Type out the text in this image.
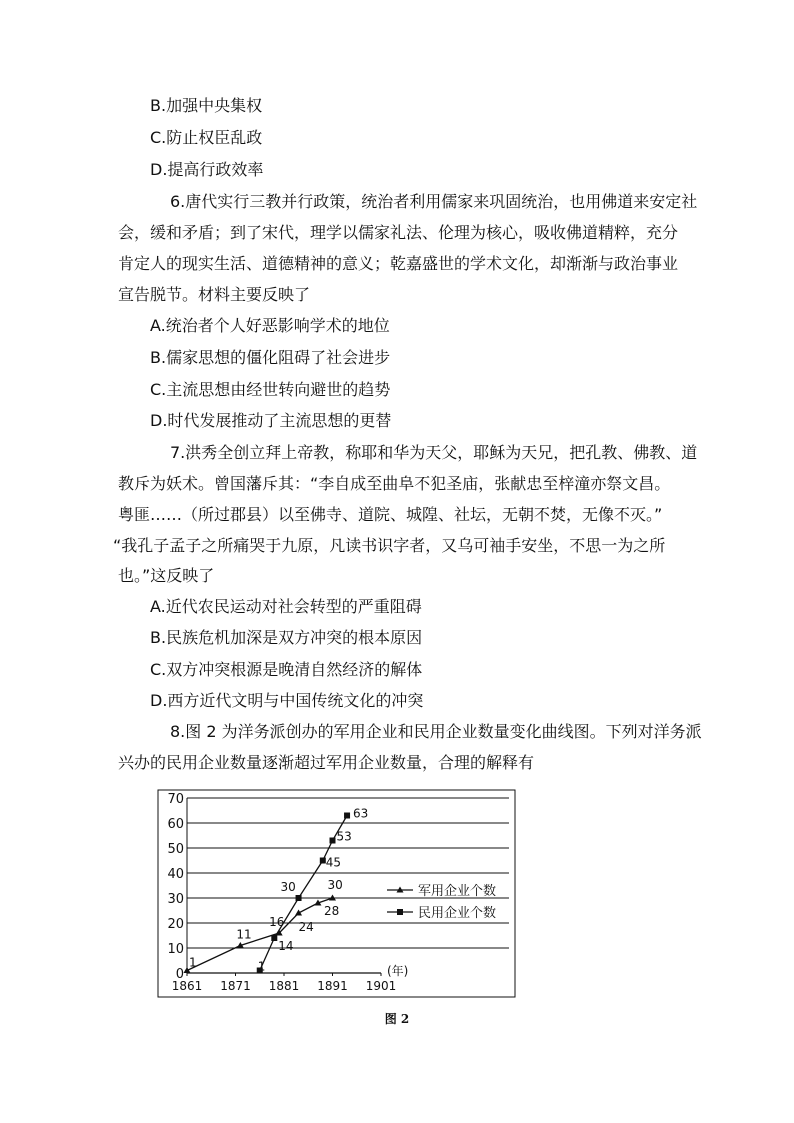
B.加强中央集权
C.防止权臣乱政
D.提高行政效率
6.唐代实行三教并行政策，统治者利用儒家来巩固统治，也用佛道来安定社
会，缓和矛盾；到了宋代，理学以儒家礼法、伦理为核心，吸收佛道精粹，充分
肯定人的现实生活、道德精神的意义；乾嘉盛世的学术文化，却渐渐与政治事业
宣告脱节。材料主要反映了
A.统治者个人好恶影响学术的地位
B.儒家思想的僵化阻碍了社会进步
C.主流思想由经世转向避世的趋势
D.时代发展推动了主流思想的更替
7.洪秀全创立拜上帝教，称耶和华为天父，耶稣为天兄，把孔教、佛教、道
教斥为妖术。曾国藩斥其：“李自成至曲阜不犯圣庙，张献忠至梓潼亦祭文昌。
粤匪……（所过郡县）以至佛寺、道院、城隍、社坛，无朝不焚，无像不灭。”
“我孔子孟子之所痛哭于九原，凡读书识字者，又乌可袖手安坐，不思一为之所
也。”这反映了
A.近代农民运动对社会转型的严重阻碍
B.民族危机加深是双方冲突的根本原因
C.双方冲突根源是晚清自然经济的解体
D.西方近代文明与中国传统文化的冲突
8.图 2 为洋务派创办的军用企业和民用企业数量变化曲线图。下列对洋务派
兴办的民用企业数量逐渐超过军用企业数量，合理的解释有
0
10
20
30
40
50
60
70
1861 1871 1881 1891 1901
(年)
1
11
16 24
28
30
1
14
30
45
53
63
军用企业个数
民用企业个数
图 2
